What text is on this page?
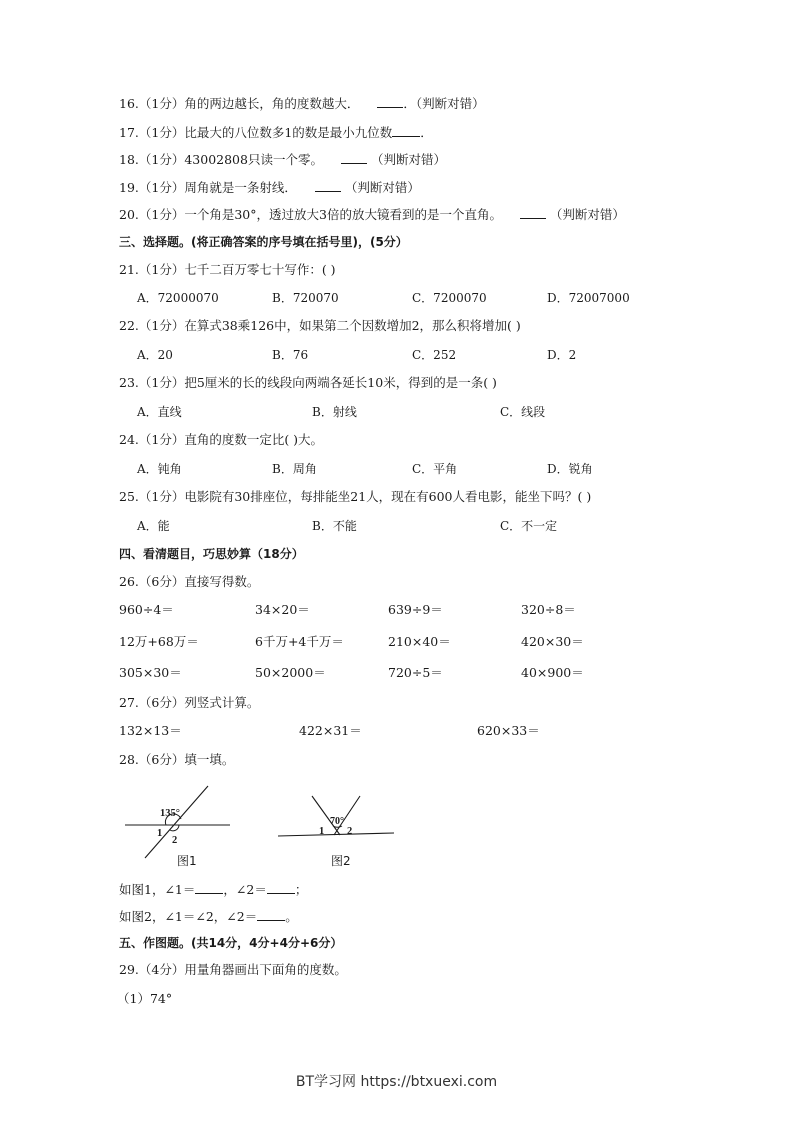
16.（1分）角的两边越长，角的度数越大．	．（判断对错）
17.（1分）比最大的八位数多1的数是最小九位数 ．
18.（1分）43002808只读一个零。	（判断对错）
19.（1分）周角就是一条射线．	（判断对错）
20.（1分）一个角是30°，透过放大3倍的放大镜看到的是一个直角。	（判断对错）
三、选择题。(将正确答案的序号填在括号里)，(5分）
21.（1分）七千二百万零七十写作：( )
A．72000070	B．720070	C．7200070	D．72007000
22.（1分）在算式38乘126中，如果第二个因数增加2，那么积将增加( )
A．20	B．76	C．252	D．2
23.（1分）把5厘米的长的线段向两端各延长10米，得到的是一条( )
A．直线	B．射线	C．线段
24.（1分）直角的度数一定比( )大。
A．钝角	B．周角	C．平角	D．锐角
25.（1分）电影院有30排座位，每排能坐21人，现在有600人看电影，能坐下吗？( )
A．能	B．不能	C．不一定
四、看清题目，巧思妙算（18分）
26.（6分）直接写得数。
960÷4＝	34×20＝	639÷9＝	320÷8＝
12万+68万＝	6千万+4千万＝	210×40＝	420×30＝
305×30＝	50×2000＝	720÷5＝	40×900＝
27.（6分）列竖式计算。
132×13＝	422×31＝	620×33＝
28.（6分）填一填。
135°
1
2
图1
70°
1 2
图2
如图1，∠1＝ ，∠2＝ ；
如图2，∠1＝∠2，∠2＝ 。
五、作图题。(共14分，4分+4分+6分）
29.（4分）用量角器画出下面角的度数。
（1）74°
BT学习网 https://btxuexi.com
